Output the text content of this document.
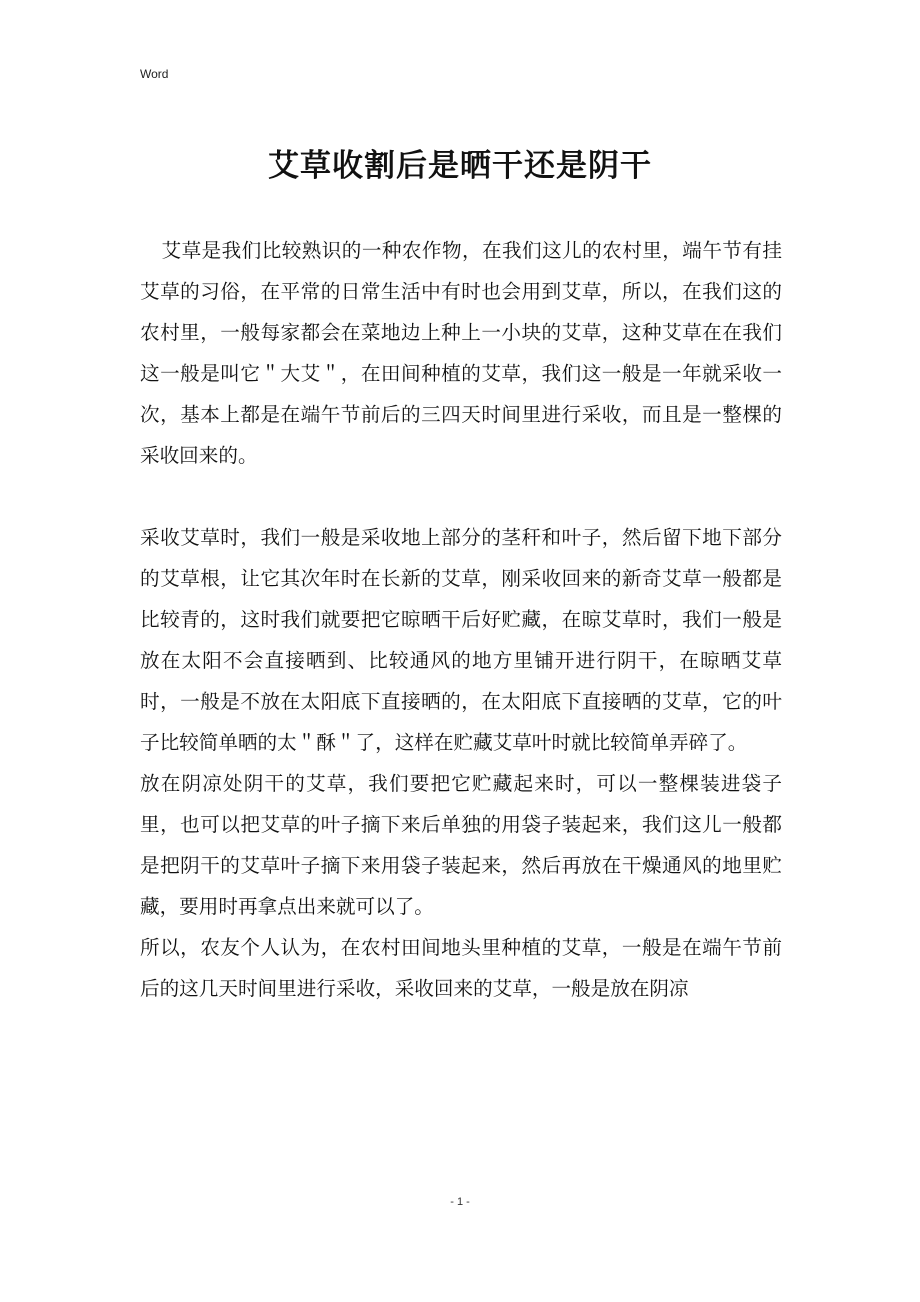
Word
艾草收割后是晒干还是阴干

艾草是我们比较熟识的一种农作物，在我们这儿的农村里，端午节有挂艾草的习俗，在平常的日常生活中有时也会用到艾草，所以，在我们这的农村里，一般每家都会在菜地边上种上一小块的艾草，这种艾草在在我们这一般是叫它＂大艾＂，在田间种植的艾草，我们这一般是一年就采收一次，基本上都是在端午节前后的三四天时间里进行采收，而且是一整棵的采收回来的。

采收艾草时，我们一般是采收地上部分的茎秆和叶子，然后留下地下部分的艾草根，让它其次年时在长新的艾草，刚采收回来的新奇艾草一般都是比较青的，这时我们就要把它晾晒干后好贮藏，在晾艾草时，我们一般是放在太阳不会直接晒到、比较通风的地方里铺开进行阴干，在晾晒艾草时，一般是不放在太阳底下直接晒的，在太阳底下直接晒的艾草，它的叶子比较简单晒的太＂酥＂了，这样在贮藏艾草叶时就比较简单弄碎了。

放在阴凉处阴干的艾草，我们要把它贮藏起来时，可以一整棵装进袋子里，也可以把艾草的叶子摘下来后单独的用袋子装起来，我们这儿一般都是把阴干的艾草叶子摘下来用袋子装起来，然后再放在干燥通风的地里贮藏，要用时再拿点出来就可以了。

所以，农友个人认为，在农村田间地头里种植的艾草，一般是在端午节前后的这几天时间里进行采收，采收回来的艾草，一般是放在阴凉

- 1 -
